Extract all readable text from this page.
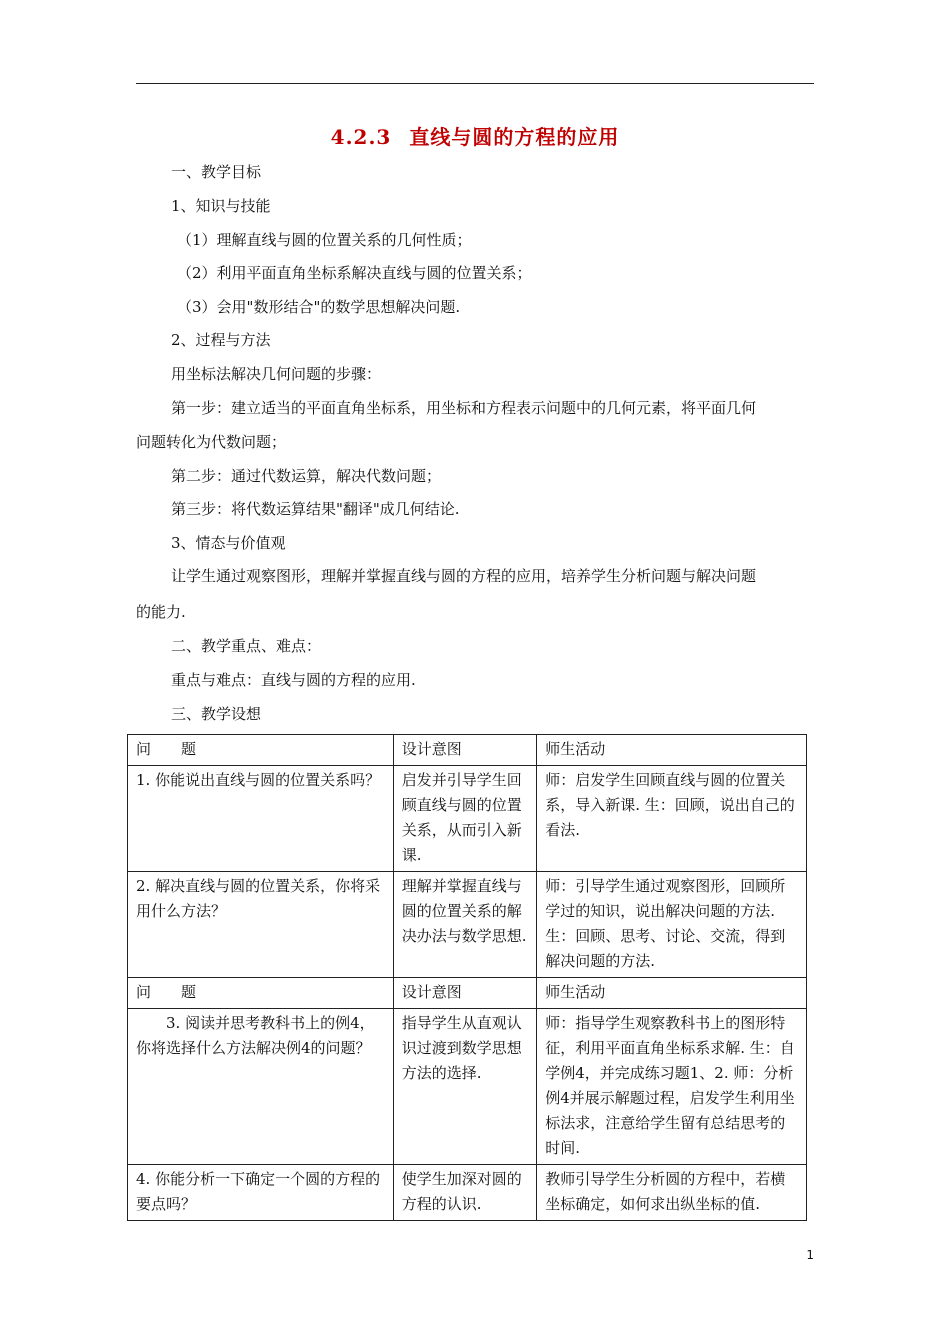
4.2.3 直线与圆的方程的应用
一、教学目标
1、知识与技能
（1）理解直线与圆的位置关系的几何性质；
（2）利用平面直角坐标系解决直线与圆的位置关系；
（3）会用"数形结合"的数学思想解决问题.
2、过程与方法
用坐标法解决几何问题的步骤：
第一步：建立适当的平面直角坐标系，用坐标和方程表示问题中的几何元素，将平面几何
问题转化为代数问题；
第二步：通过代数运算，解决代数问题；
第三步：将代数运算结果"翻译"成几何结论.
3、情态与价值观
让学生通过观察图形，理解并掌握直线与圆的方程的应用，培养学生分析问题与解决问题
的能力.
二、教学重点、难点：
重点与难点：直线与圆的方程的应用.
三、教学设想
问　　题	设计意图	师生活动
1. 你能说出直线与圆的位置关系吗？	启发并引导学生回顾直线与圆的位置关系，从而引入新课.	师：启发学生回顾直线与圆的位置关系，导入新课. 生：回顾，说出自己的看法.
2. 解决直线与圆的位置关系，你将采用什么方法？	理解并掌握直线与圆的位置关系的解决办法与数学思想.	师：引导学生通过观察图形，回顾所学过的知识，说出解决问题的方法. 生：回顾、思考、讨论、交流，得到解决问题的方法.
问　　题	设计意图	师生活动
3. 阅读并思考教科书上的例4，你将选择什么方法解决例4的问题？	指导学生从直观认识过渡到数学思想方法的选择.	师：指导学生观察教科书上的图形特征，利用平面直角坐标系求解. 生：自学例4，并完成练习题1、2. 师：分析例4并展示解题过程，启发学生利用坐标法求，注意给学生留有总结思考的时间.
4. 你能分析一下确定一个圆的方程的要点吗？	使学生加深对圆的方程的认识.	教师引导学生分析圆的方程中，若横坐标确定，如何求出纵坐标的值.
1
